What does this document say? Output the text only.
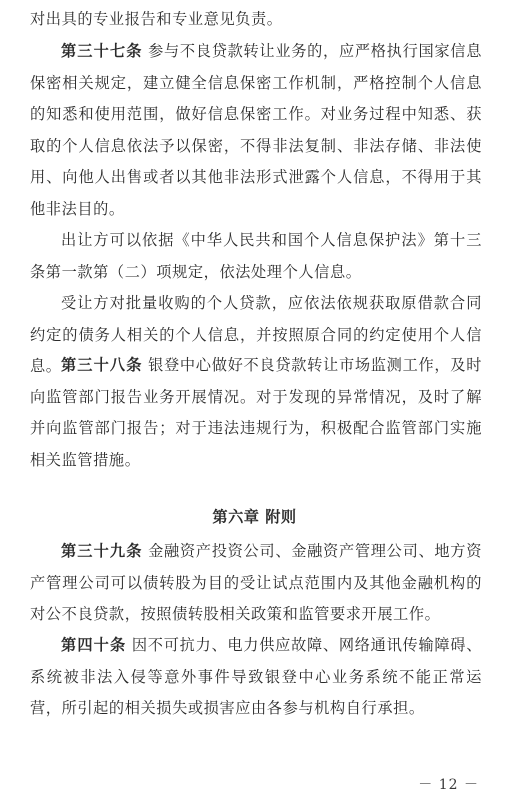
对出具的专业报告和专业意见负责。

第三十七条 参与不良贷款转让业务的，应严格执行国家信息保密相关规定，建立健全信息保密工作机制，严格控制个人信息的知悉和使用范围，做好信息保密工作。对业务过程中知悉、获取的个人信息依法予以保密，不得非法复制、非法存储、非法使用、向他人出售或者以其他非法形式泄露个人信息，不得用于其他非法目的。

出让方可以依据《中华人民共和国个人信息保护法》第十三条第一款第（二）项规定，依法处理个人信息。

受让方对批量收购的个人贷款，应依法依规获取原借款合同约定的债务人相关的个人信息，并按照原合同的约定使用个人信息。 第三十八条 银登中心做好不良贷款转让市场监测工作，及时向监管部门报告业务开展情况。对于发现的异常情况，及时了解并向监管部门报告；对于违法违规行为，积极配合监管部门实施相关监管措施。

第六章 附则

第三十九条 金融资产投资公司、金融资产管理公司、地方资产管理公司可以债转股为目的受让试点范围内及其他金融机构的对公不良贷款，按照债转股相关政策和监管要求开展工作。

第四十条 因不可抗力、电力供应故障、网络通讯传输障碍、系统被非法入侵等意外事件导致银登中心业务系统不能正常运营，所引起的相关损失或损害应由各参与机构自行承担。

－ 12 －
